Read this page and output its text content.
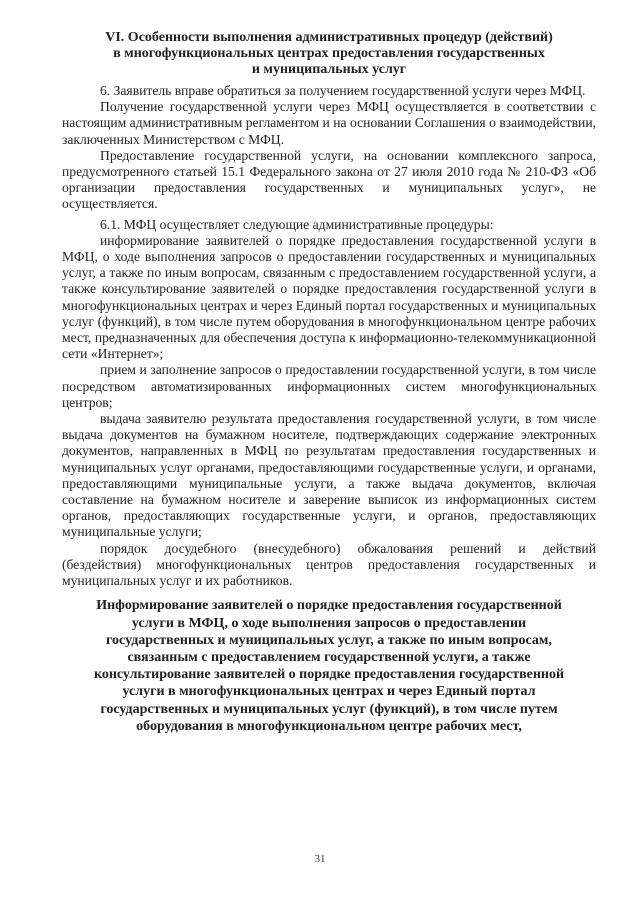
VI. Особенности выполнения административных процедур (действий)
в многофункциональных центрах предоставления государственных
и муниципальных услуг

6. Заявитель вправе обратиться за получением государственной услуги через МФЦ.

Получение государственной услуги через МФЦ осуществляется в соответствии с настоящим административным регламентом и на основании Соглашения о взаимодействии, заключенных Министерством с МФЦ.

Предоставление государственной услуги, на основании комплексного запроса, предусмотренного статьей 15.1 Федерального закона от 27 июля 2010 года № 210-ФЗ «Об организации предоставления государственных и муниципальных услуг», не осуществляется.

6.1. МФЦ осуществляет следующие административные процедуры:

информирование заявителей о порядке предоставления государственной услуги в МФЦ, о ходе выполнения запросов о предоставлении государственных и муниципальных услуг, а также по иным вопросам, связанным с предоставлением государственной услуги, а также консультирование заявителей о порядке предоставления государственной услуги в многофункциональных центрах и через Единый портал государственных и муниципальных услуг (функций), в том числе путем оборудования в многофункциональном центре рабочих мест, предназначенных для обеспечения доступа к информационно-телекоммуникационной сети «Интернет»;

прием и заполнение запросов о предоставлении государственной услуги, в том числе посредством автоматизированных информационных систем многофункциональных центров;

выдача заявителю результата предоставления государственной услуги, в том числе выдача документов на бумажном носителе, подтверждающих содержание электронных документов, направленных в МФЦ по результатам предоставления государственных и муниципальных услуг органами, предоставляющими государственные услуги, и органами, предоставляющими муниципальные услуги, а также выдача документов, включая составление на бумажном носителе и заверение выписок из информационных систем органов, предоставляющих государственные услуги, и органов, предоставляющих муниципальные услуги;

порядок досудебного (внесудебного) обжалования решений и действий (бездействия) многофункциональных центров предоставления государственных и муниципальных услуг и их работников.

Информирование заявителей о порядке предоставления государственной
услуги в МФЦ, о ходе выполнения запросов о предоставлении
государственных и муниципальных услуг, а также по иным вопросам,
связанным с предоставлением государственной услуги, а также
консультирование заявителей о порядке предоставления государственной
услуги в многофункциональных центрах и через Единый портал
государственных и муниципальных услуг (функций), в том числе путем
оборудования в многофункциональном центре рабочих мест,
31
